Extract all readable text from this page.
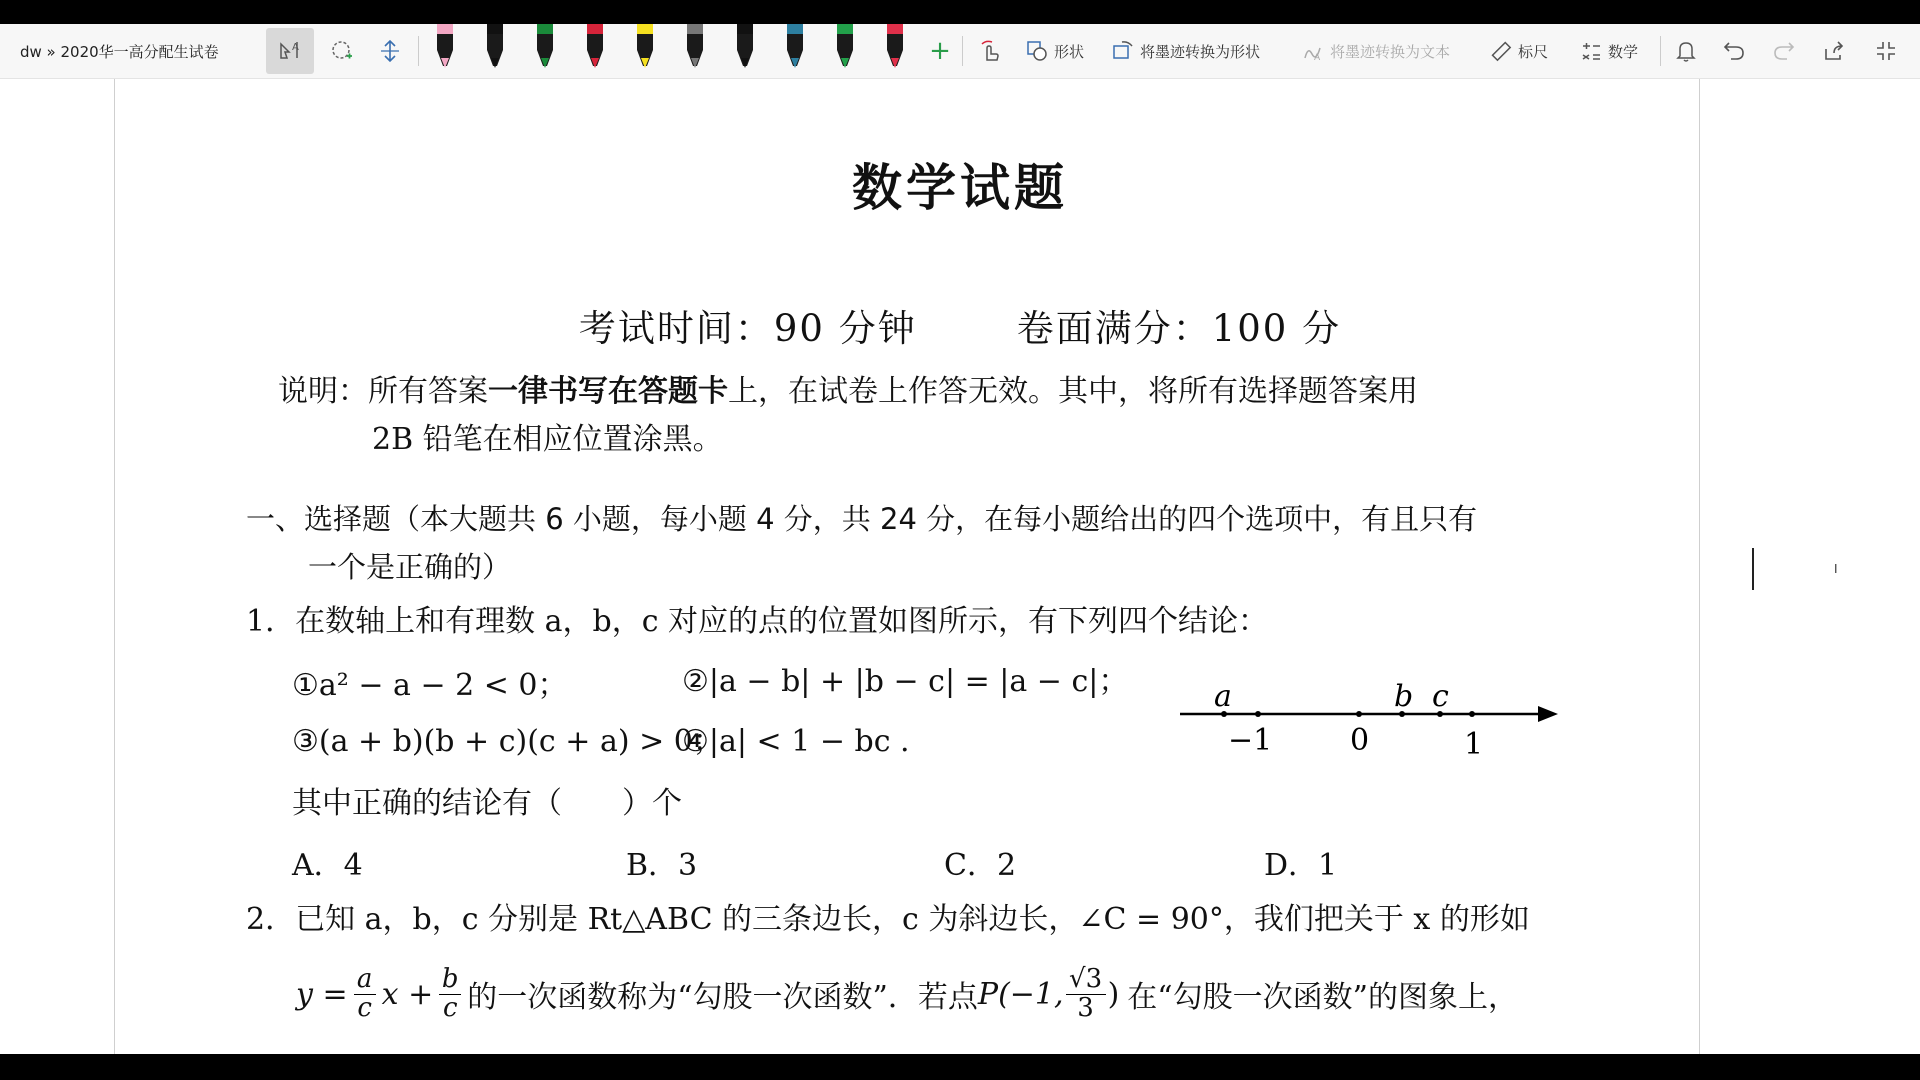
dw » 2020华一高分配生试卷	A	+	形状	将墨迹转换为形状	A 将墨迹转换为文本	标尺	数学
数学试题
考试时间：90 分钟	卷面满分：100 分
说明：所有答案一律书写在答题卡上，在试卷上作答无效。其中，将所有选择题答案用
2B 铅笔在相应位置涂黑。
一、选择题（本大题共 6 小题，每小题 4 分，共 24 分，在每小题给出的四个选项中，有且只有
一个是正确的）
1．在数轴上和有理数 a，b，c 对应的点的位置如图所示，有下列四个结论：
①a² − a − 2 < 0；	②|a − b| + |b − c| = |a − c|；
③(a + b)(b + c)(c + a) > 0；
④|a| < 1 − bc .
a	b c
−1	0	1
其中正确的结论有（　　）个
A．4	B．3	C．2	D．1
2．已知 a，b，c 分别是 Rt△ABC 的三条边长，c 为斜边长，∠C = 90°，我们把关于 x 的形如
y = a
c x + b
c 的一次函数称为“勾股一次函数”．若点 P(−1, √3
3 ) 在“勾股一次函数”的图象上，
I
